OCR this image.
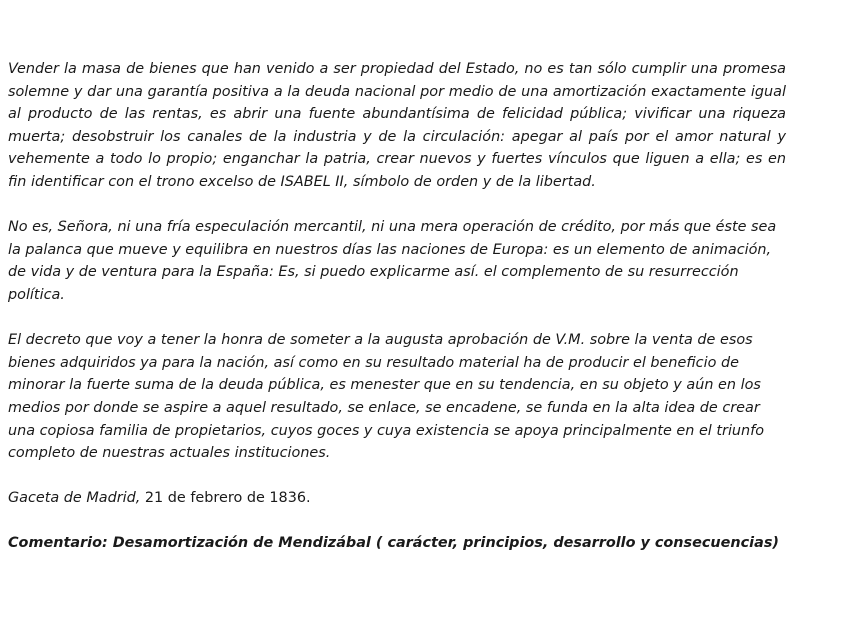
Vender la masa de bienes que han venido a ser propiedad del Estado, no es tan sólo cumplir una promesa solemne y dar una garantía positiva a la deuda nacional por medio de una amortización exactamente igual al producto de las rentas, es abrir una fuente abundantísima de felicidad pública; vivificar una riqueza muerta; desobstruir los canales de la industria y de la circulación: apegar al país por el amor natural y vehemente a todo lo propio; enganchar la patria, crear nuevos y fuertes vínculos que liguen a ella; es en fin identificar con el trono excelso de ISABEL II, símbolo de orden y de la libertad.

No es, Señora, ni una fría especulación mercantil, ni una mera operación de crédito, por más que éste sea la palanca que mueve y equilibra en nuestros días las naciones de Europa: es un elemento de animación, de vida y de ventura para la España: Es, si puedo explicarme así. el complemento de su resurrección política.

El decreto que voy a tener la honra de someter a la augusta aprobación de V.M. sobre la venta de esos bienes adquiridos ya para la nación, así como en su resultado material ha de producir el beneficio de minorar la fuerte suma de la deuda pública, es menester que en su tendencia, en su objeto y aún en los medios por donde se aspire a aquel resultado, se enlace, se encadene, se funda en la alta idea de crear una copiosa familia de propietarios, cuyos goces y cuya existencia se apoya principalmente en el triunfo completo de nuestras actuales instituciones.

Gaceta de Madrid, 21 de febrero de 1836.

Comentario: Desamortización de Mendizábal ( carácter, principios, desarrollo y consecuencias)
